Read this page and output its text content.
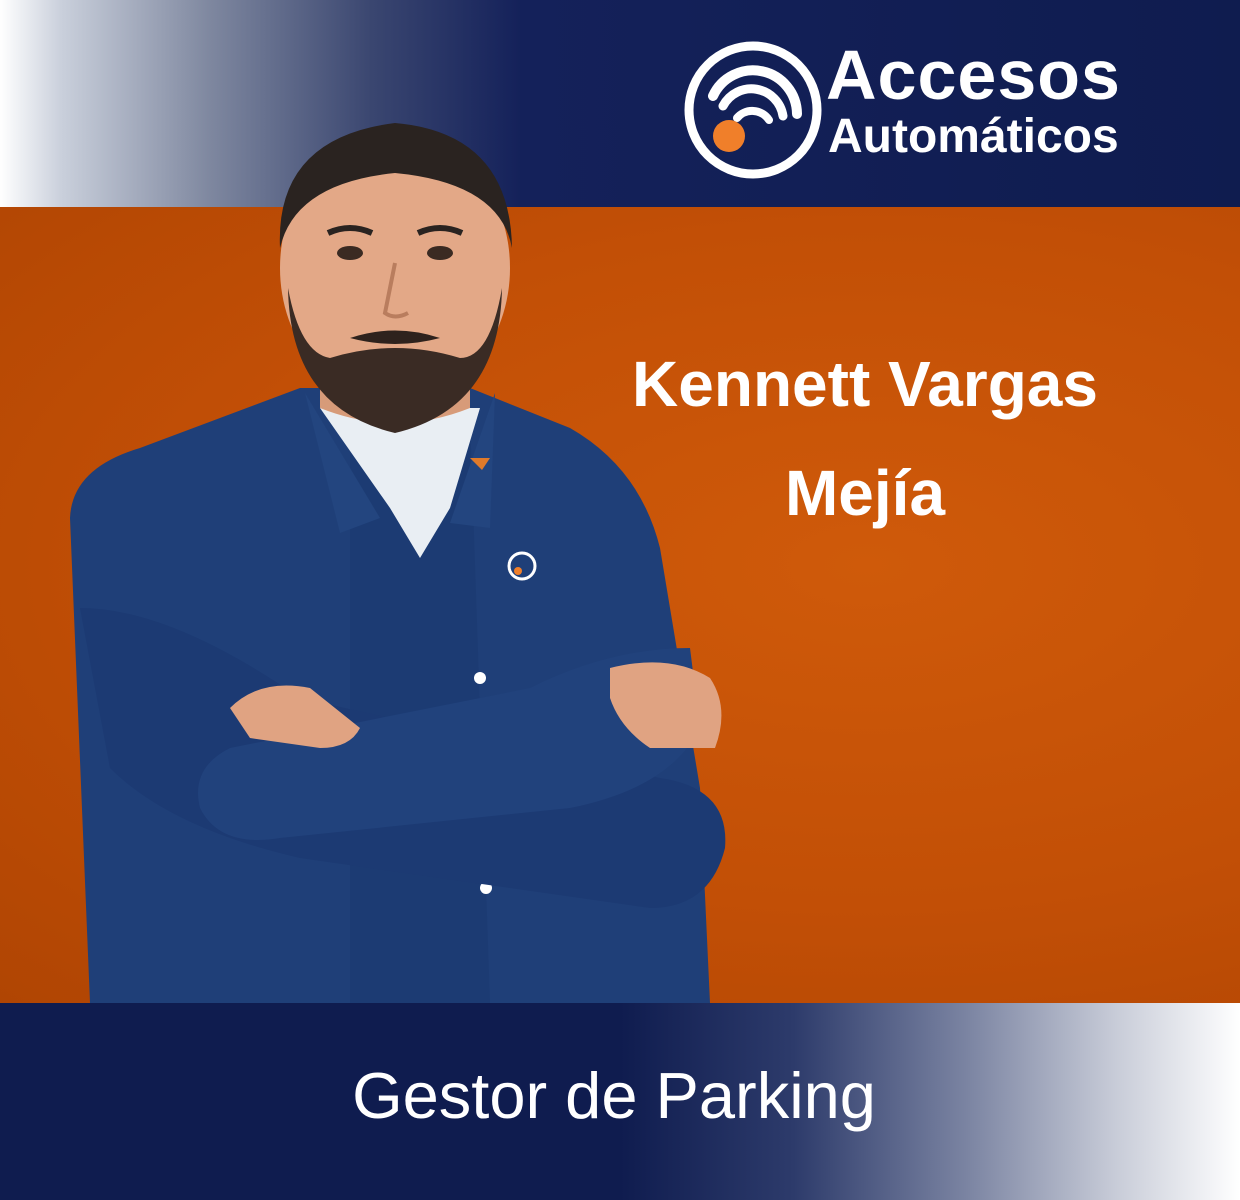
Accesos
Automáticos
Kennett Vargas
Mejía
Gestor de Parking
